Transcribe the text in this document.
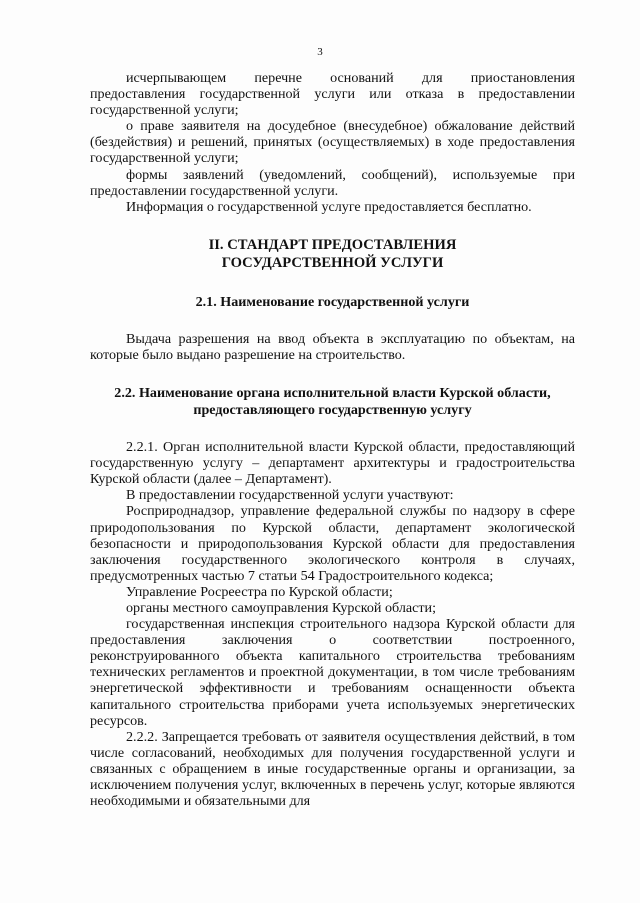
3

исчерпывающем перечне оснований для приостановления предоставления государственной услуги или отказа в предоставлении государственной услуги;

о праве заявителя на досудебное (внесудебное) обжалование действий (бездействия) и решений, принятых (осуществляемых) в ходе предоставления государственной услуги;

формы заявлений (уведомлений, сообщений), используемые при предоставлении государственной услуги.

Информация о государственной услуге предоставляется бесплатно.

II. СТАНДАРТ ПРЕДОСТАВЛЕНИЯ
ГОСУДАРСТВЕННОЙ УСЛУГИ
2.1. Наименование государственной услуги

Выдача разрешения на ввод объекта в эксплуатацию по объектам, на которые было выдано разрешение на строительство.

2.2. Наименование органа исполнительной власти Курской области,
предоставляющего государственную услугу

2.2.1. Орган исполнительной власти Курской области, предоставляющий государственную услугу – департамент архитектуры и градостроительства Курской области (далее – Департамент).

В предоставлении государственной услуги участвуют:

Росприроднадзор, управление федеральной службы по надзору в сфере природопользования по Курской области, департамент экологической безопасности и природопользования Курской области для предоставления заключения государственного экологического контроля в случаях, предусмотренных частью 7 статьи 54 Градостроительного кодекса;

Управление Росреестра по Курской области;

органы местного самоуправления Курской области;

государственная инспекция строительного надзора Курской области для предоставления заключения о соответствии построенного, реконструированного объекта капитального строительства требованиям технических регламентов и проектной документации, в том числе требованиям энергетической эффективности и требованиям оснащенности объекта капитального строительства приборами учета используемых энергетических ресурсов.

2.2.2. Запрещается требовать от заявителя осуществления действий, в том числе согласований, необходимых для получения государственной услуги и связанных с обращением в иные государственные органы и организации, за исключением получения услуг, включенных в перечень услуг, которые являются необходимыми и обязательными для
